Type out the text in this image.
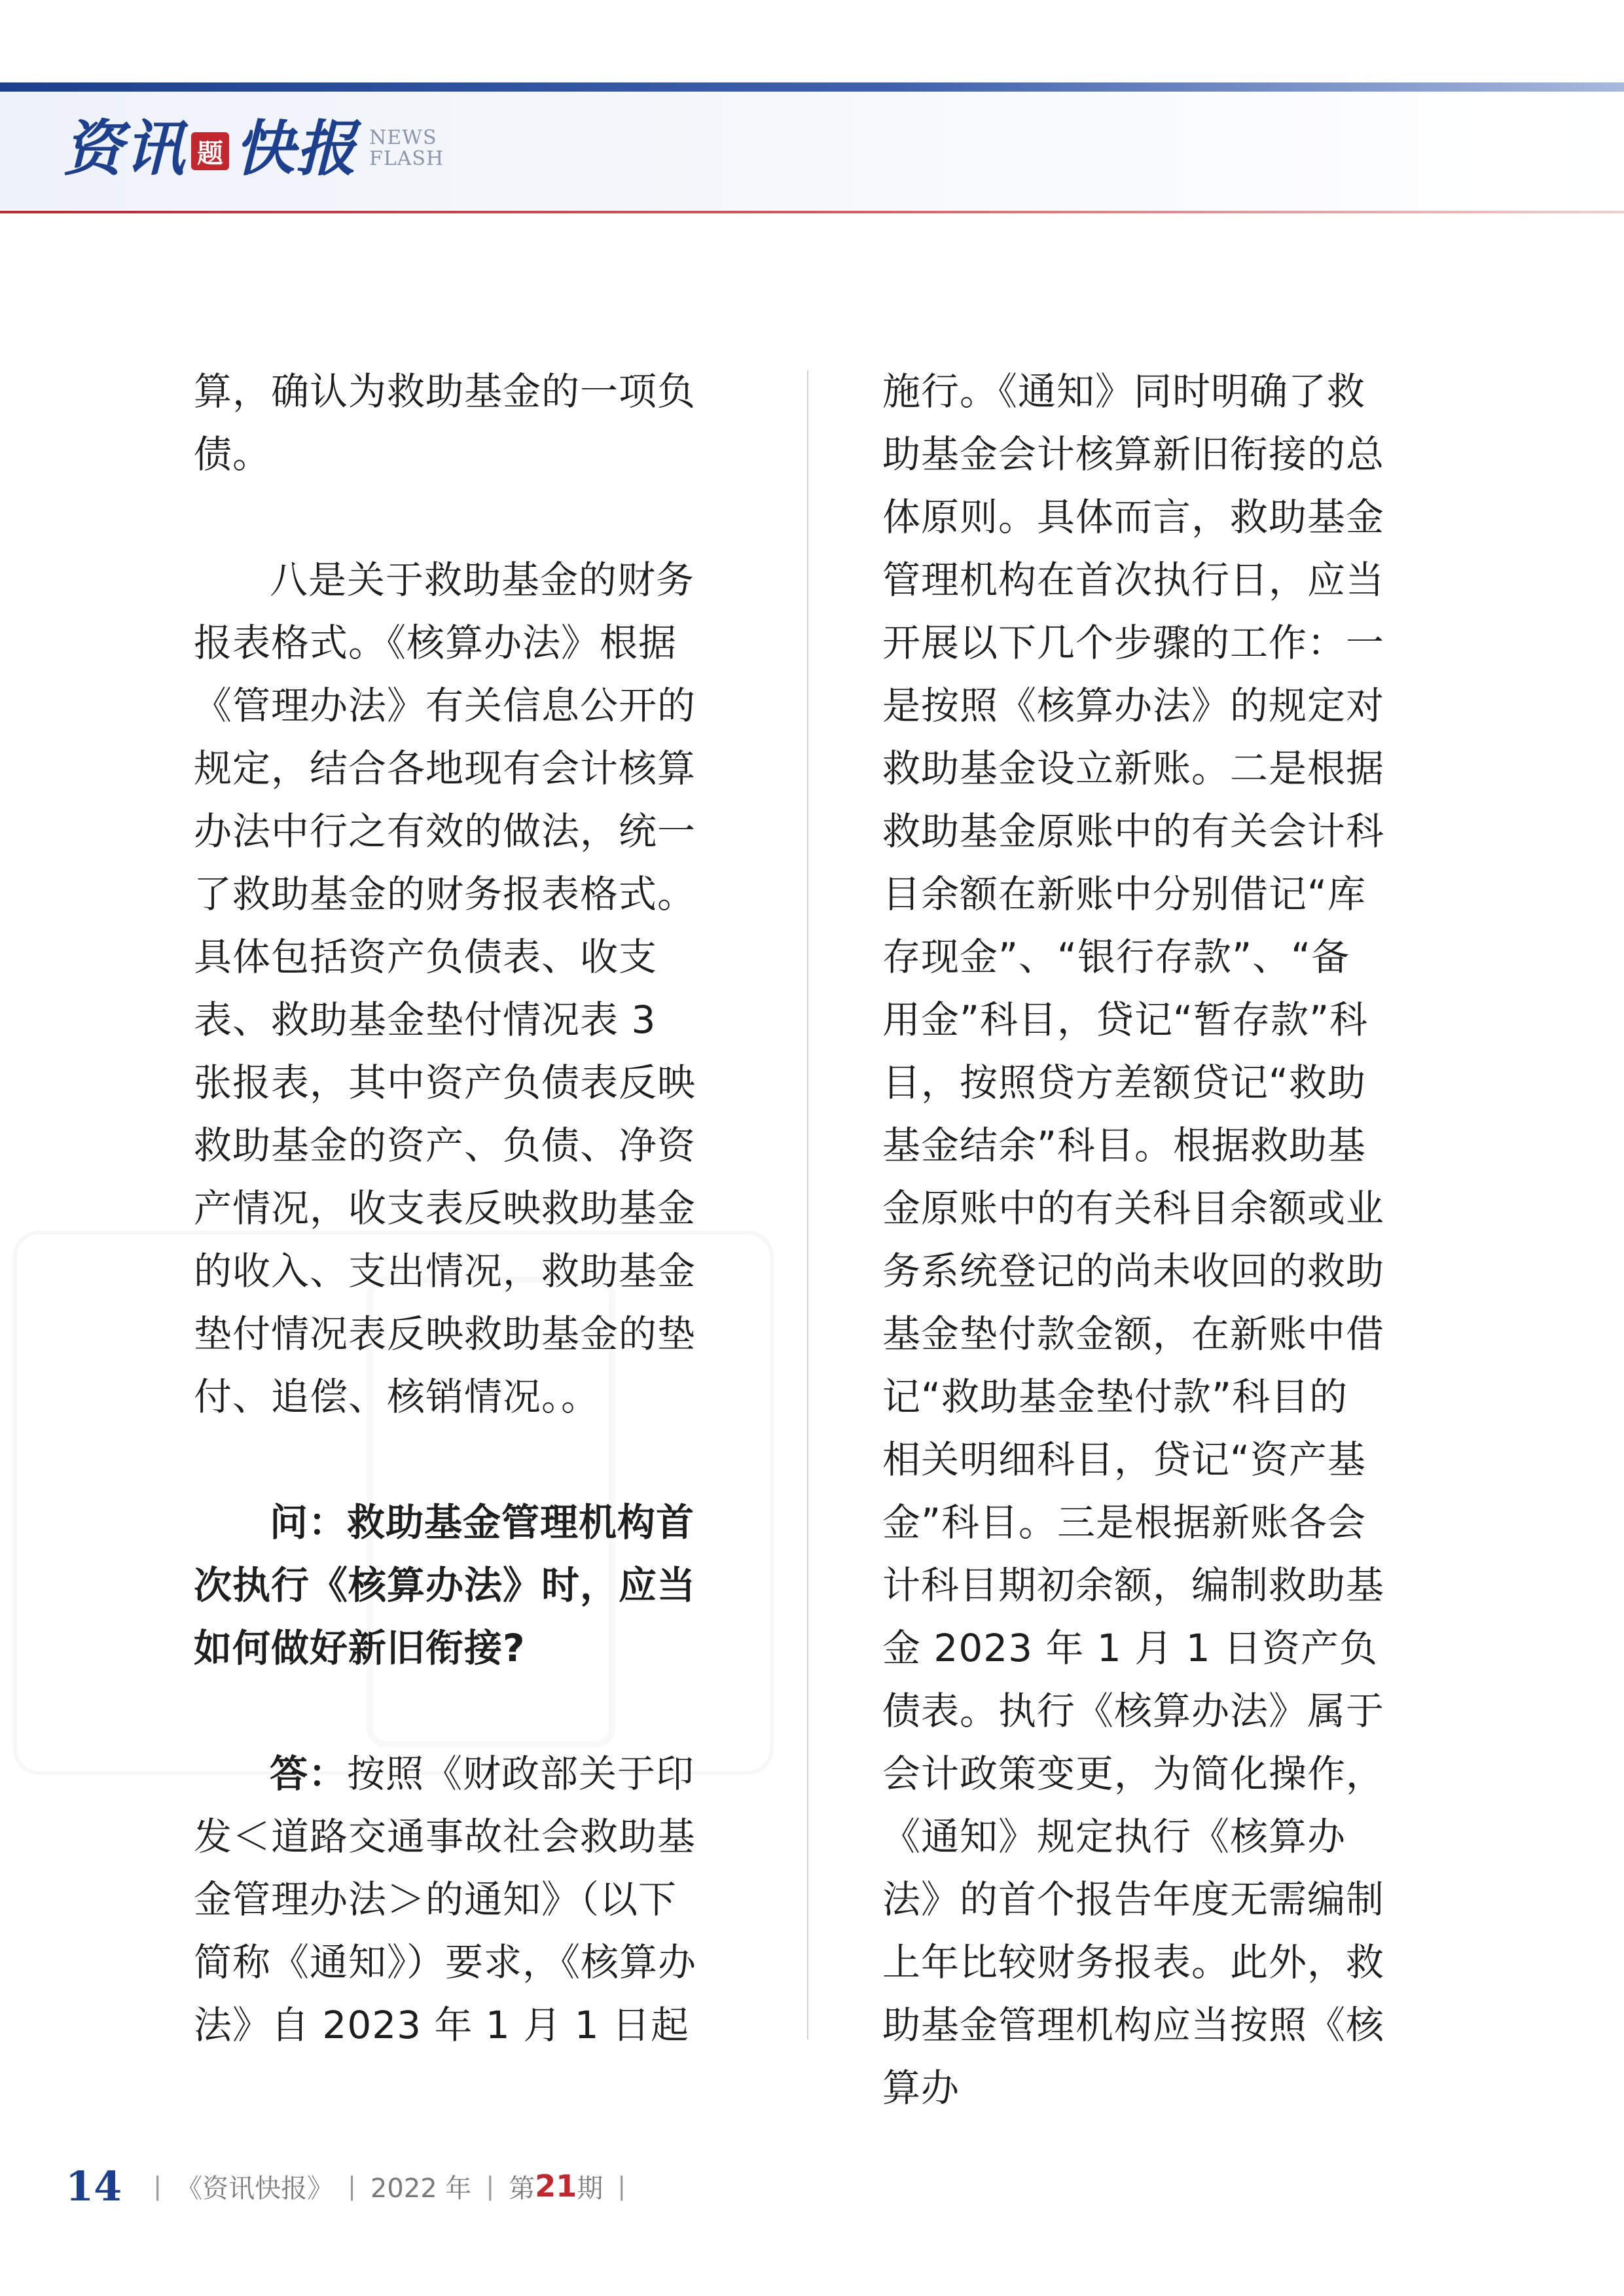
资讯 题 快报 NEWS
FLASH

算，确认为救助基金的一项负债。

八是关于救助基金的财务报表格式。《核算办法》根据《管理办法》有关信息公开的规定，结合各地现有会计核算办法中行之有效的做法，统一了救助基金的财务报表格式。具体包括资产负债表、收支表、救助基金垫付情况表 3 张报表，其中资产负债表反映救助基金的资产、负债、净资产情况，收支表反映救助基金的收入、支出情况，救助基金垫付情况表反映救助基金的垫付、追偿、核销情况。。

问：救助基金管理机构首次执行《核算办法》时，应当如何做好新旧衔接?

答：按照《财政部关于印发＜道路交通事故社会救助基金管理办法＞的通知》（以下简称《通知》）要求，《核算办法》自 2023 年 1 月 1 日起

施行。《通知》同时明确了救助基金会计核算新旧衔接的总体原则。具体而言，救助基金管理机构在首次执行日，应当开展以下几个步骤的工作：一是按照《核算办法》的规定对救助基金设立新账。二是根据救助基金原账中的有关会计科目余额在新账中分别借记“库存现金”、“银行存款”、“备用金”科目，贷记“暂存款”科目，按照贷方差额贷记“救助基金结余”科目。根据救助基金原账中的有关科目余额或业务系统登记的尚未收回的救助基金垫付款金额，在新账中借记“救助基金垫付款”科目的相关明细科目，贷记“资产基金”科目。三是根据新账各会计科目期初余额，编制救助基金 2023 年 1 月 1 日资产负债表。执行《核算办法》属于会计政策变更，为简化操作，《通知》规定执行《核算办法》的首个报告年度无需编制上年比较财务报表。此外，救助基金管理机构应当按照《核算办

14 | 《资讯快报》 | 2022 年 | 第 21 期 |
